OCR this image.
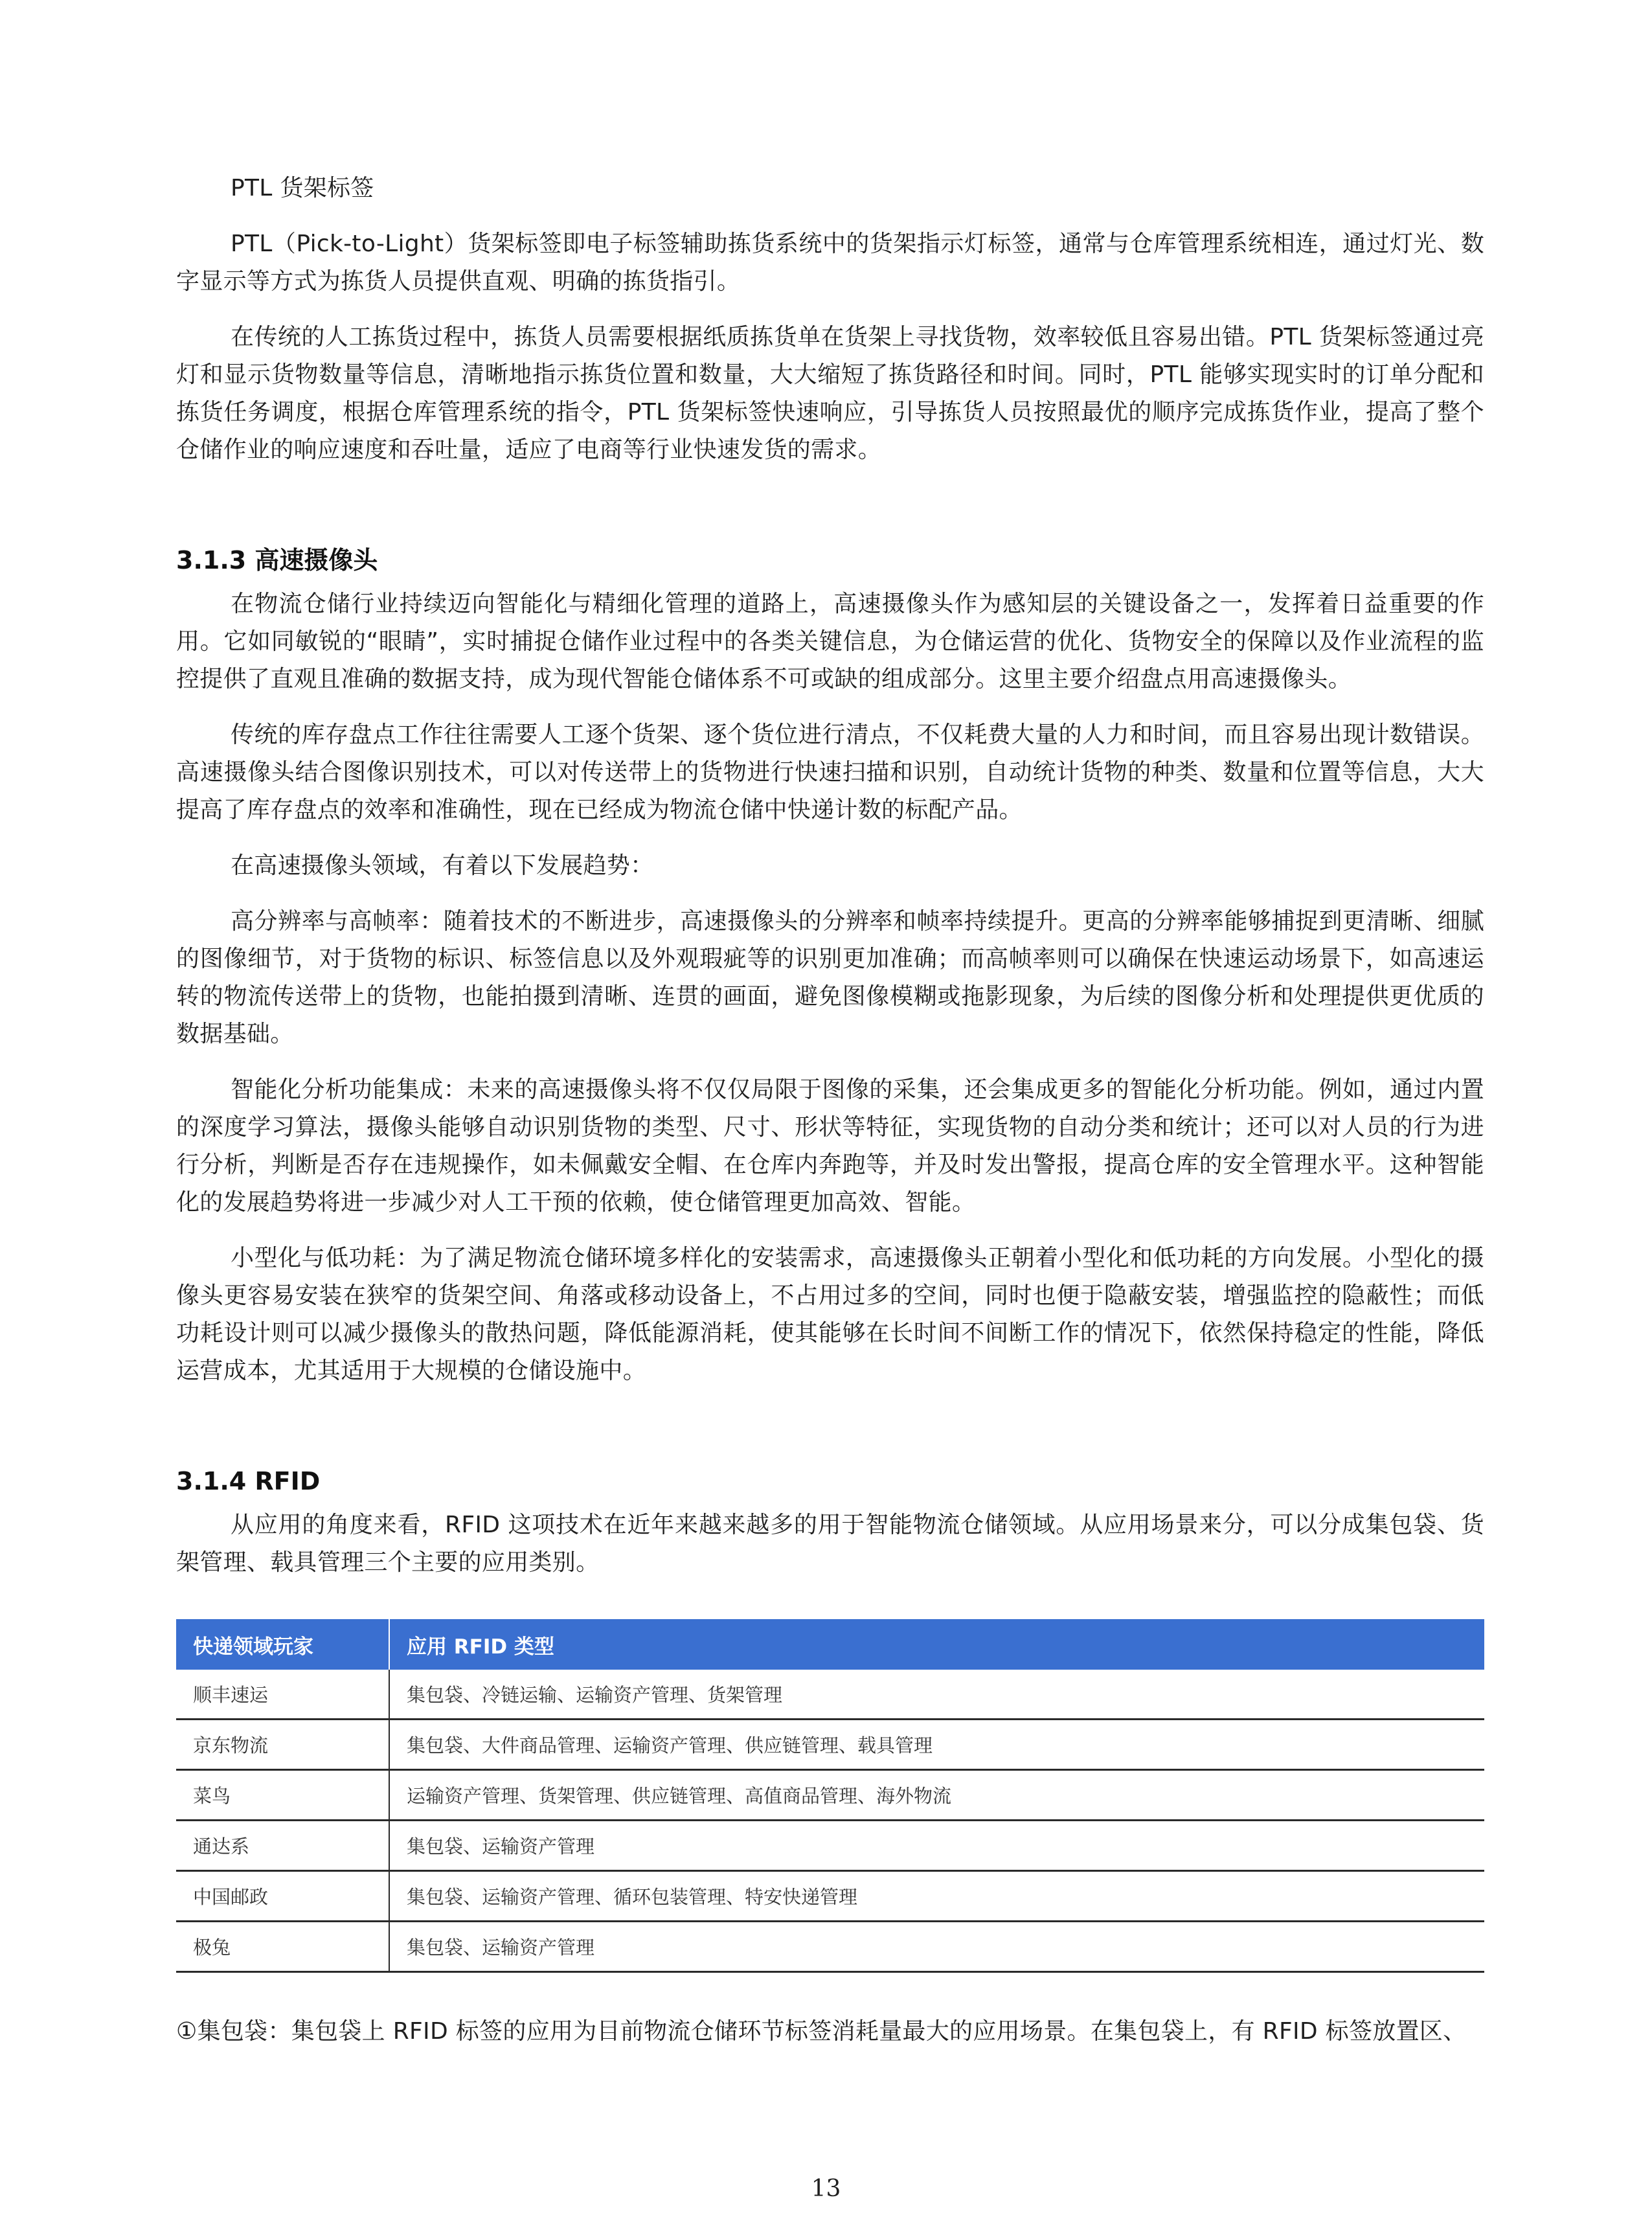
PTL 货架标签

PTL（Pick-to-Light）货架标签即电子标签辅助拣货系统中的货架指示灯标签，通常与仓库管理系统相连，通过灯光、数字显示等方式为拣货人员提供直观、明确的拣货指引。

在传统的人工拣货过程中，拣货人员需要根据纸质拣货单在货架上寻找货物，效率较低且容易出错。PTL 货架标签通过亮灯和显示货物数量等信息，清晰地指示拣货位置和数量，大大缩短了拣货路径和时间。同时，PTL 能够实现实时的订单分配和拣货任务调度，根据仓库管理系统的指令，PTL 货架标签快速响应，引导拣货人员按照最优的顺序完成拣货作业，提高了整个仓储作业的响应速度和吞吐量，适应了电商等行业快速发货的需求。

3.1.3 高速摄像头

在物流仓储行业持续迈向智能化与精细化管理的道路上，高速摄像头作为感知层的关键设备之一，发挥着日益重要的作用。它如同敏锐的“眼睛”，实时捕捉仓储作业过程中的各类关键信息，为仓储运营的优化、货物安全的保障以及作业流程的监控提供了直观且准确的数据支持，成为现代智能仓储体系不可或缺的组成部分。这里主要介绍盘点用高速摄像头。

传统的库存盘点工作往往需要人工逐个货架、逐个货位进行清点，不仅耗费大量的人力和时间，而且容易出现计数错误。高速摄像头结合图像识别技术，可以对传送带上的货物进行快速扫描和识别，自动统计货物的种类、数量和位置等信息，大大提高了库存盘点的效率和准确性，现在已经成为物流仓储中快递计数的标配产品。

在高速摄像头领域，有着以下发展趋势：

高分辨率与高帧率：随着技术的不断进步，高速摄像头的分辨率和帧率持续提升。更高的分辨率能够捕捉到更清晰、细腻的图像细节，对于货物的标识、标签信息以及外观瑕疵等的识别更加准确；而高帧率则可以确保在快速运动场景下，如高速运转的物流传送带上的货物，也能拍摄到清晰、连贯的画面，避免图像模糊或拖影现象，为后续的图像分析和处理提供更优质的数据基础。

智能化分析功能集成：未来的高速摄像头将不仅仅局限于图像的采集，还会集成更多的智能化分析功能。例如，通过内置的深度学习算法，摄像头能够自动识别货物的类型、尺寸、形状等特征，实现货物的自动分类和统计；还可以对人员的行为进行分析，判断是否存在违规操作，如未佩戴安全帽、在仓库内奔跑等，并及时发出警报，提高仓库的安全管理水平。这种智能化的发展趋势将进一步减少对人工干预的依赖，使仓储管理更加高效、智能。

小型化与低功耗：为了满足物流仓储环境多样化的安装需求，高速摄像头正朝着小型化和低功耗的方向发展。小型化的摄像头更容易安装在狭窄的货架空间、角落或移动设备上，不占用过多的空间，同时也便于隐蔽安装，增强监控的隐蔽性；而低功耗设计则可以减少摄像头的散热问题，降低能源消耗，使其能够在长时间不间断工作的情况下，依然保持稳定的性能，降低运营成本，尤其适用于大规模的仓储设施中。

3.1.4 RFID

从应用的角度来看，RFID 这项技术在近年来越来越多的用于智能物流仓储领域。从应用场景来分，可以分成集包袋、货架管理、载具管理三个主要的应用类别。

快递领域玩家	应用 RFID 类型
顺丰速运	集包袋、冷链运输、运输资产管理、货架管理
京东物流	集包袋、大件商品管理、运输资产管理、供应链管理、载具管理
菜鸟	运输资产管理、货架管理、供应链管理、高值商品管理、海外物流
通达系	集包袋、运输资产管理
中国邮政	集包袋、运输资产管理、循环包装管理、特安快递管理
极兔	集包袋、运输资产管理

①集包袋：集包袋上 RFID 标签的应用为目前物流仓储环节标签消耗量最大的应用场景。在集包袋上，有 RFID 标签放置区、

13
